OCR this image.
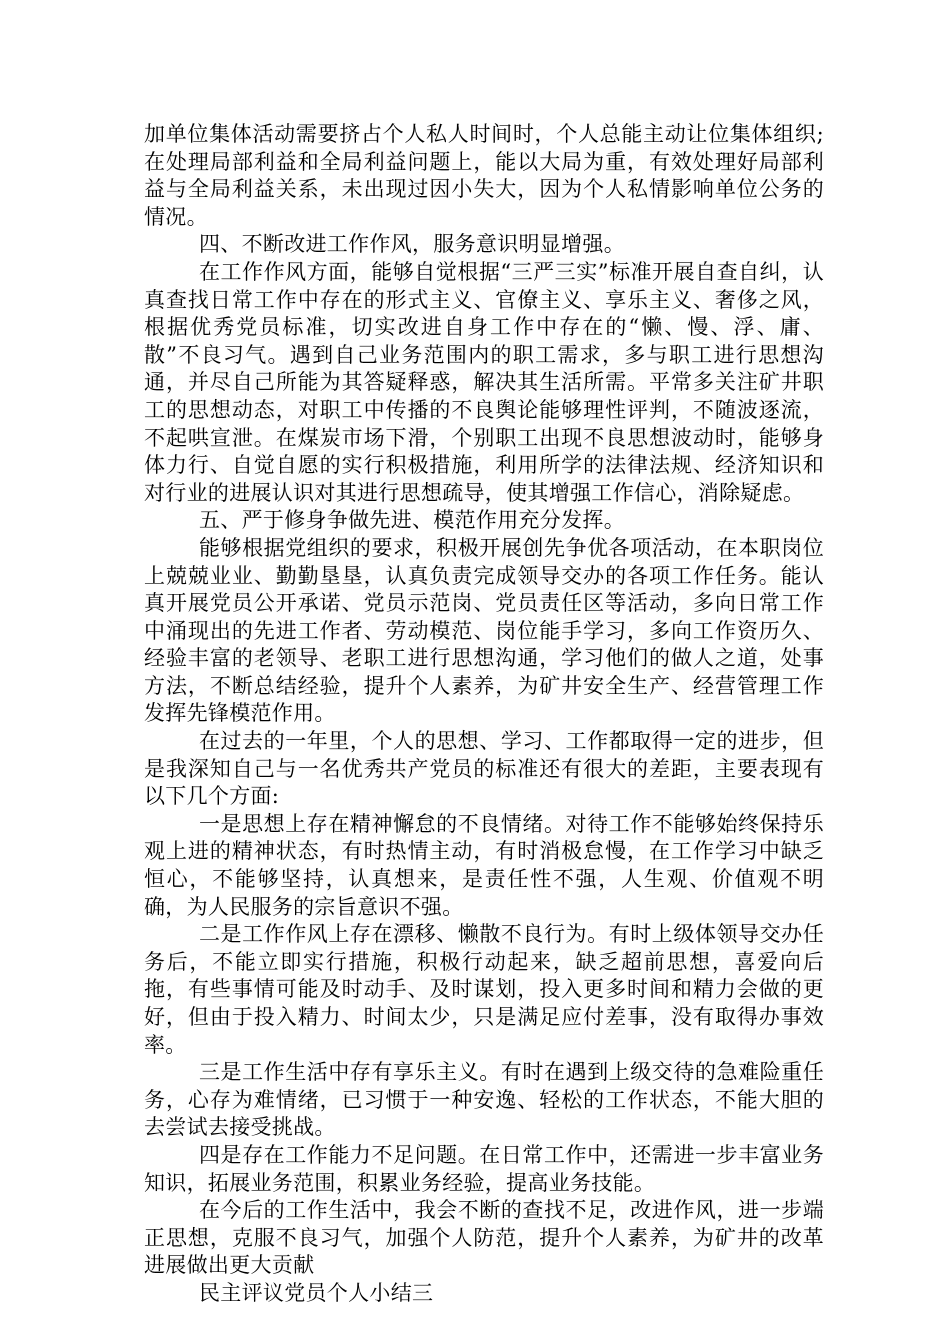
加单位集体活动需要挤占个人私人时间时，个人总能主动让位集体组织;在处理局部利益和全局利益问题上，能以大局为重，有效处理好局部利益与全局利益关系，未出现过因小失大，因为个人私情影响单位公务的情况。

四、不断改进工作作风，服务意识明显增强。

在工作作风方面，能够自觉根据“三严三实”标准开展自查自纠，认真查找日常工作中存在的形式主义、官僚主义、享乐主义、奢侈之风，根据优秀党员标准，切实改进自身工作中存在的“懒、慢、浮、庸、散”不良习气。遇到自己业务范围内的职工需求，多与职工进行思想沟通，并尽自己所能为其答疑释惑，解决其生活所需。平常多关注矿井职工的思想动态，对职工中传播的不良舆论能够理性评判，不随波逐流，不起哄宣泄。在煤炭市场下滑，个别职工出现不良思想波动时，能够身体力行、自觉自愿的实行积极措施，利用所学的法律法规、经济知识和对行业的进展认识对其进行思想疏导，使其增强工作信心，消除疑虑。

五、严于修身争做先进、模范作用充分发挥。

能够根据党组织的要求，积极开展创先争优各项活动，在本职岗位上兢兢业业、勤勤垦垦，认真负责完成领导交办的各项工作任务。能认真开展党员公开承诺、党员示范岗、党员责任区等活动，多向日常工作中涌现出的先进工作者、劳动模范、岗位能手学习，多向工作资历久、经验丰富的老领导、老职工进行思想沟通，学习他们的做人之道，处事方法，不断总结经验，提升个人素养，为矿井安全生产、经营管理工作发挥先锋模范作用。

在过去的一年里，个人的思想、学习、工作都取得一定的进步，但是我深知自己与一名优秀共产党员的标准还有很大的差距，主要表现有以下几个方面:

一是思想上存在精神懈怠的不良情绪。对待工作不能够始终保持乐观上进的精神状态，有时热情主动，有时消极怠慢，在工作学习中缺乏恒心，不能够坚持，认真想来，是责任性不强，人生观、价值观不明确，为人民服务的宗旨意识不强。

二是工作作风上存在漂移、懒散不良行为。有时上级体领导交办任务后，不能立即实行措施，积极行动起来，缺乏超前思想，喜爱向后拖，有些事情可能及时动手、及时谋划，投入更多时间和精力会做的更好，但由于投入精力、时间太少，只是满足应付差事，没有取得办事效率。

三是工作生活中存有享乐主义。有时在遇到上级交待的急难险重任务，心存为难情绪，已习惯于一种安逸、轻松的工作状态，不能大胆的去尝试去接受挑战。

四是存在工作能力不足问题。在日常工作中，还需进一步丰富业务知识，拓展业务范围，积累业务经验，提高业务技能。

在今后的工作生活中，我会不断的查找不足，改进作风，进一步端正思想，克服不良习气，加强个人防范，提升个人素养，为矿井的改革进展做出更大贡献

民主评议党员个人小结三
